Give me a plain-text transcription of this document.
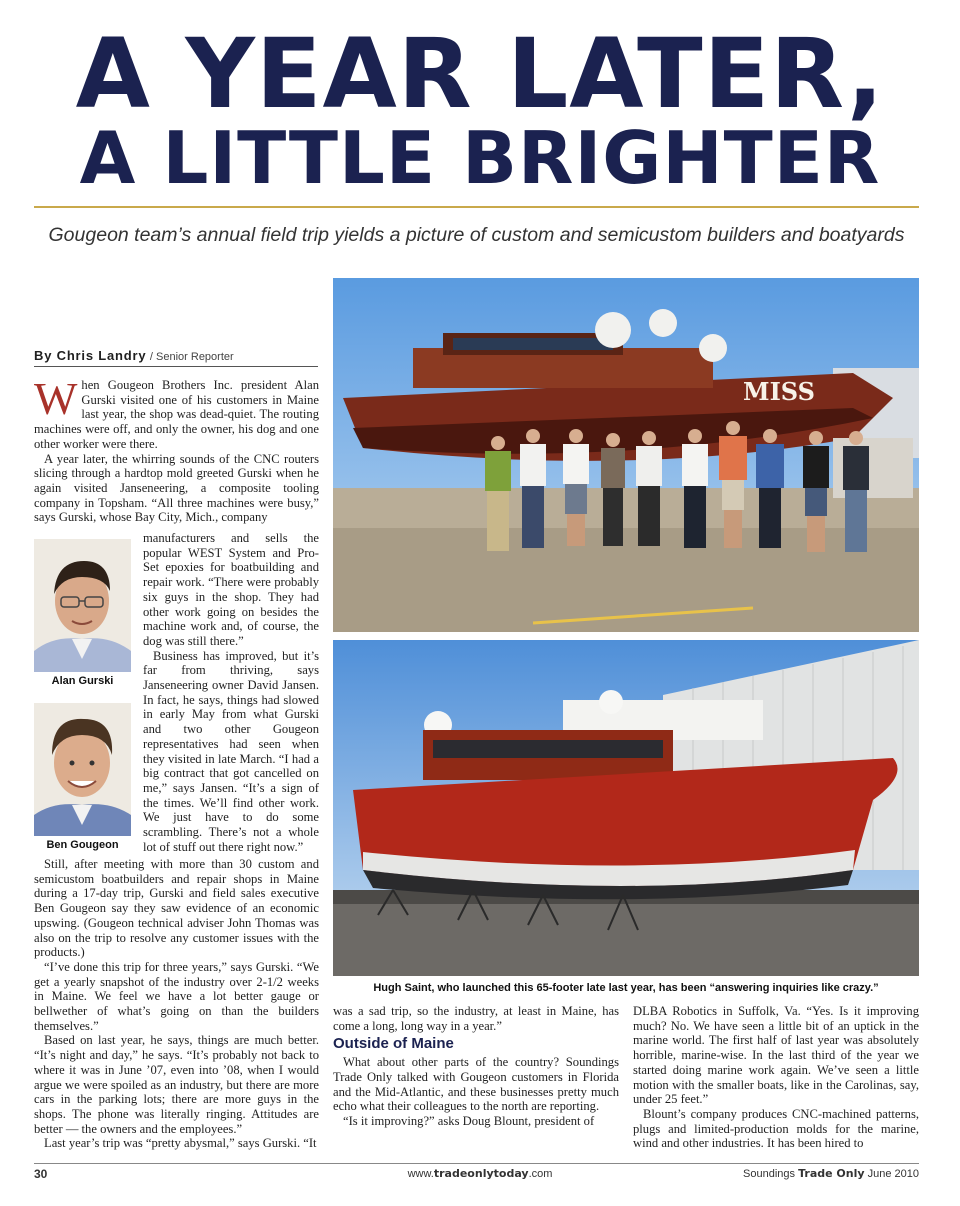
A YEAR LATER,
A LITTLE BRIGHTER
Gougeon team’s annual field trip yields a picture of custom and semicustom builders and boatyards
By Chris Landry / Senior Reporter

When Gougeon Brothers Inc. president Alan Gurski visited one of his customers in Maine last year, the shop was dead-quiet. The routing machines were off, and only the owner, his dog and one other worker were there.

A year later, the whirring sounds of the CNC routers slicing through a hardtop mold greeted Gurski when he again visited Janseneering, a composite tooling company in Topsham. “All three machines were busy,” says Gurski, whose Bay City, Mich., company

Alan Gurski
Ben Gougeon

manufacturers and sells the popular WEST System and Pro-Set epoxies for boatbuilding and repair work. “There were probably six guys in the shop. They had other work going on besides the machine work and, of course, the dog was still there.”

Business has improved, but it’s far from thriving, says Janseneering owner David Jansen. In fact, he says, things had slowed in early May from what Gurski and two other Gougeon representatives had seen when they visited in late March. “I had a big contract that got cancelled on me,” says Jansen. “It’s a sign of the times. We’ll find other work. We just have to do some scrambling. There’s not a whole lot of stuff out there right now.”

Still, after meeting with more than 30 custom and semicustom boatbuilders and repair shops in Maine during a 17-day trip, Gurski and field sales executive Ben Gougeon say they saw evidence of an economic upswing. (Gougeon technical adviser John Thomas was also on the trip to resolve any customer issues with the products.)

“I’ve done this trip for three years,” says Gurski. “We get a yearly snapshot of the industry over 2-1/2 weeks in Maine. We feel we have a lot better gauge or bellwether of what’s going on than the builders themselves.”

Based on last year, he says, things are much better. “It’s night and day,” he says. “It’s probably not back to where it was in June ’07, even into ’08, when I would argue we were spoiled as an industry, but there are more cars in the parking lots; there are more guys in the shops. The phone was literally ringing. Attitudes are better — the owners and the employees.”

Last year’s trip was “pretty abysmal,” says Gurski. “It

MISS
Hugh Saint, who launched this 65-footer late last year, has been “answering inquiries like crazy.”

was a sad trip, so the industry, at least in Maine, has come a long, long way in a year.”

Outside of Maine

What about other parts of the country? Soundings Trade Only talked with Gougeon customers in Florida and the Mid-Atlantic, and these businesses pretty much echo what their colleagues to the north are reporting.

“Is it improving?” asks Doug Blount, president of

DLBA Robotics in Suffolk, Va. “Yes. Is it improving much? No. We have seen a little bit of an uptick in the marine world. The first half of last year was absolutely horrible, marine-wise. In the last third of the year we started doing marine work again. We’ve seen a little motion with the smaller boats, like in the Carolinas, say, under 25 feet.”

Blount’s company produces CNC-machined patterns, plugs and limited-production molds for the marine, wind and other industries. It has been hired to

30	www.tradeonlytoday.com	Soundings Trade Only June 2010
